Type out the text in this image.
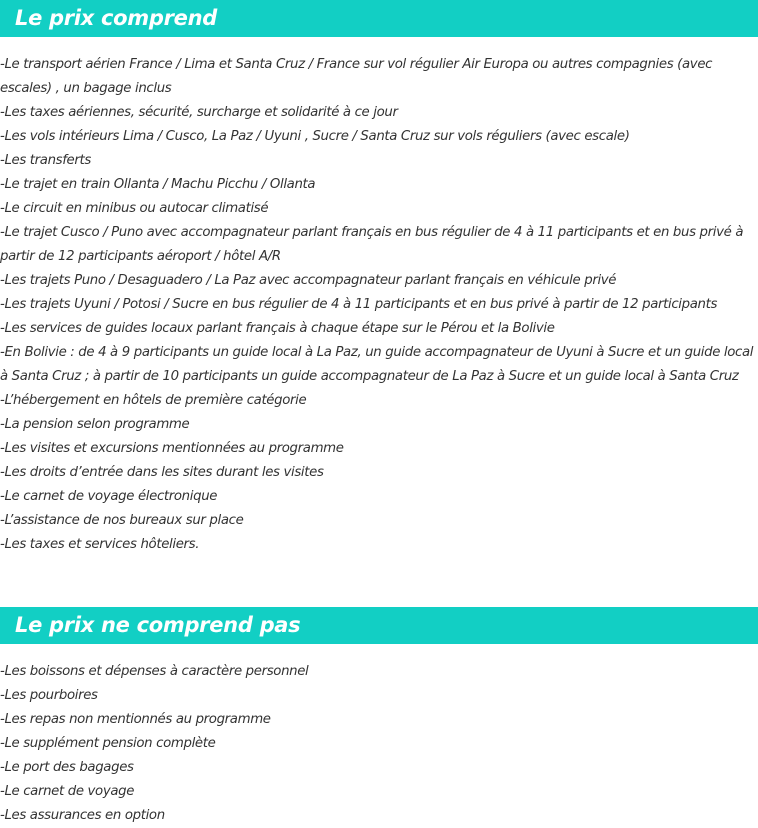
Le prix comprend
-Le transport aérien France / Lima et Santa Cruz / France sur vol régulier Air Europa ou autres compagnies (avec escales) , un bagage inclus
-Les taxes aériennes, sécurité, surcharge et solidarité à ce jour
-Les vols intérieurs Lima / Cusco, La Paz / Uyuni , Sucre / Santa Cruz sur vols réguliers (avec escale)
-Les transferts
-Le trajet en train Ollanta / Machu Picchu / Ollanta
-Le circuit en minibus ou autocar climatisé
-Le trajet Cusco / Puno avec accompagnateur parlant français en bus régulier de 4 à 11 participants et en bus privé à partir de 12 participants aéroport / hôtel A/R
-Les trajets Puno / Desaguadero / La Paz avec accompagnateur parlant français en véhicule privé
-Les trajets Uyuni / Potosi / Sucre en bus régulier de 4 à 11 participants et en bus privé à partir de 12 participants
-Les services de guides locaux parlant français à chaque étape sur le Pérou et la Bolivie
-En Bolivie : de 4 à 9 participants un guide local à La Paz, un guide accompagnateur de Uyuni à Sucre et un guide local à Santa Cruz ; à partir de 10 participants un guide accompagnateur de La Paz à Sucre et un guide local à Santa Cruz
-L’hébergement en hôtels de première catégorie
-La pension selon programme
-Les visites et excursions mentionnées au programme
-Les droits d’entrée dans les sites durant les visites
-Le carnet de voyage électronique
-L’assistance de nos bureaux sur place
-Les taxes et services hôteliers.
Le prix ne comprend pas
-Les boissons et dépenses à caractère personnel
-Les pourboires
-Les repas non mentionnés au programme
-Le supplément pension complète
-Le port des bagages
-Le carnet de voyage
-Les assurances en option
